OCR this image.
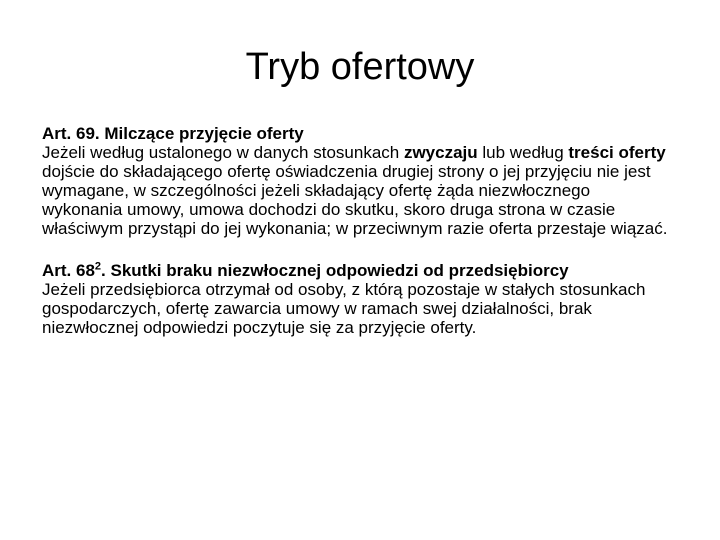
Tryb ofertowy

Art. 69. Milczące przyjęcie oferty

Jeżeli według ustalonego w danych stosunkach zwyczaju lub według treści oferty dojście do składającego ofertę oświadczenia drugiej strony o jej przyjęciu nie jest wymagane, w szczególności jeżeli składający ofertę żąda niezwłocznego wykonania umowy, umowa dochodzi do skutku, skoro druga strona w czasie właściwym przystąpi do jej wykonania; w przeciwnym razie oferta przestaje wiązać.

Art. $68^2$. Skutki braku niezwłocznej odpowiedzi od przedsiębiorcy

Jeżeli przedsiębiorca otrzymał od osoby, z którą pozostaje w stałych stosunkach gospodarczych, ofertę zawarcia umowy w ramach swej działalności, brak niezwłocznej odpowiedzi poczytuje się za przyjęcie oferty.
